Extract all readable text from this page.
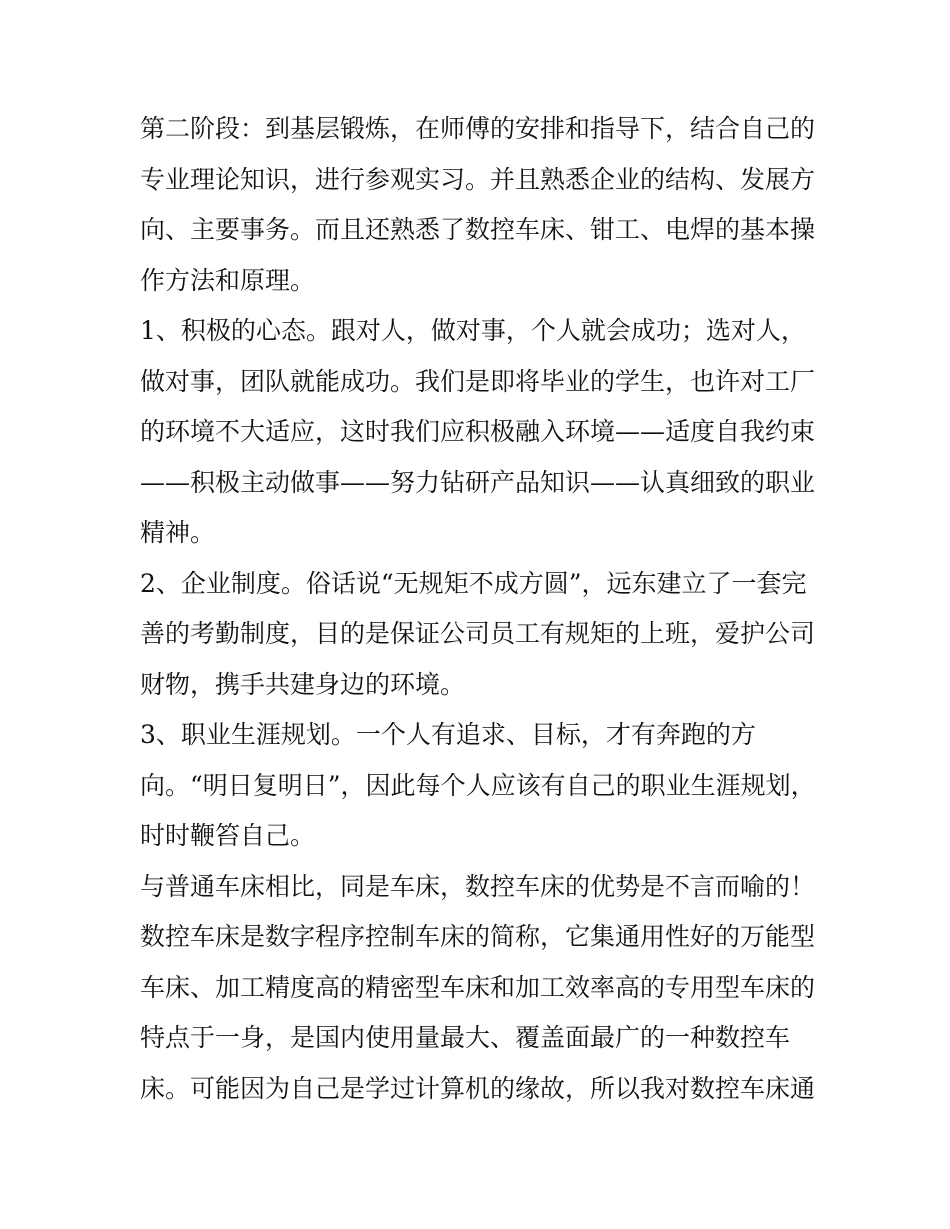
第二阶段：到基层锻炼，在师傅的安排和指导下，结合自己的
专业理论知识，进行参观实习。并且熟悉企业的结构、发展方
向、主要事务。而且还熟悉了数控车床、钳工、电焊的基本操
作方法和原理。
1、积极的心态。跟对人，做对事，个人就会成功；选对人，
做对事，团队就能成功。我们是即将毕业的学生，也许对工厂
的环境不大适应，这时我们应积极融入环境——适度自我约束
——积极主动做事——努力钻研产品知识——认真细致的职业
精神。
2、企业制度。俗话说“无规矩不成方圆”，远东建立了一套完
善的考勤制度，目的是保证公司员工有规矩的上班，爱护公司
财物，携手共建身边的环境。
3、职业生涯规划。一个人有追求、目标，才有奔跑的方
向。“明日复明日”，因此每个人应该有自己的职业生涯规划，
时时鞭笞自己。
与普通车床相比，同是车床，数控车床的优势是不言而喻的！
数控车床是数字程序控制车床的简称，它集通用性好的万能型
车床、加工精度高的精密型车床和加工效率高的专用型车床的
特点于一身，是国内使用量最大、覆盖面最广的一种数控车
床。可能因为自己是学过计算机的缘故，所以我对数控车床通
